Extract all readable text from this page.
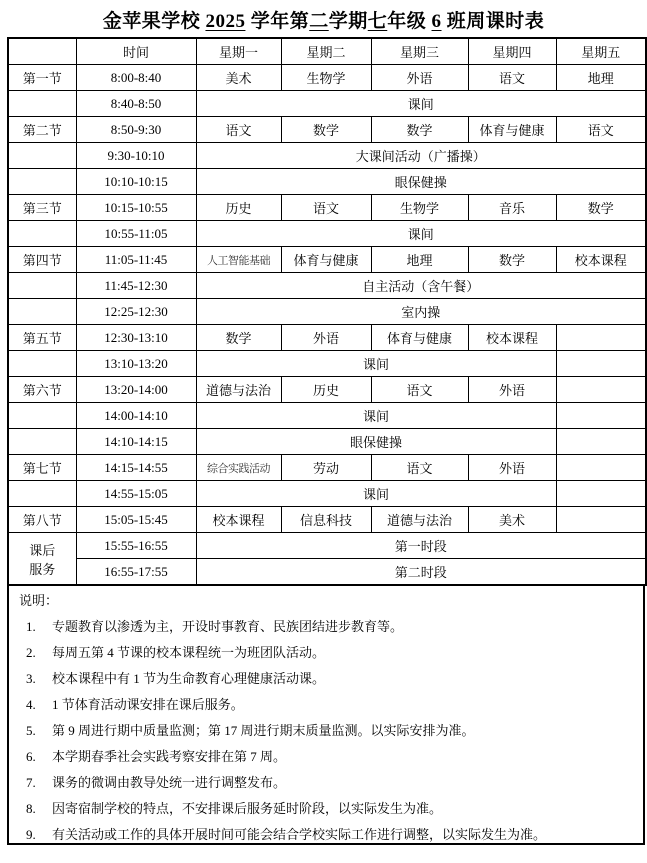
金苹果学校 2025 学年第二学期七年级 6 班周课时表
	时间	星期一	星期二	星期三	星期四	星期五
第一节	8:00-8:40	美术	生物学	外语	语文	地理
	8:40-8:50	课间				
第二节	8:50-9:30	语文	数学	数学	体育与健康	语文
	9:30-10:10	大课间活动（广播操）				
	10:10-10:15	眼保健操				
第三节	10:15-10:55	历史	语文	生物学	音乐	数学
	10:55-11:05	课间				
第四节	11:05-11:45	人工智能基础	体育与健康	地理	数学	校本课程
	11:45-12:30	自主活动（含午餐）				
	12:25-12:30	室内操				
第五节	12:30-13:10	数学	外语	体育与健康	校本课程	
	13:10-13:20	课间				
第六节	13:20-14:00	道德与法治	历史	语文	外语	
	14:00-14:10	课间				
	14:10-14:15	眼保健操				
第七节	14:15-14:55	综合实践活动	劳动	语文	外语	
	14:55-15:05	课间				
第八节	15:05-15:45	校本课程	信息科技	道德与法治	美术	
课后
服务	15:55-16:55	第一时段				
	16:55-17:55	第二时段				
说明：
1. 专题教育以渗透为主，开设时事教育、民族团结进步教育等。
2. 每周五第 4 节课的校本课程统一为班团队活动。
3. 校本课程中有 1 节为生命教育心理健康活动课。
4. 1 节体育活动课安排在课后服务。
5. 第 9 周进行期中质量监测；第 17 周进行期末质量监测。以实际安排为准。
6. 本学期春季社会实践考察安排在第 7 周。
7. 课务的微调由教导处统一进行调整发布。
8. 因寄宿制学校的特点，不安排课后服务延时阶段，以实际发生为准。
9. 有关活动或工作的具体开展时间可能会结合学校实际工作进行调整，以实际发生为准。
